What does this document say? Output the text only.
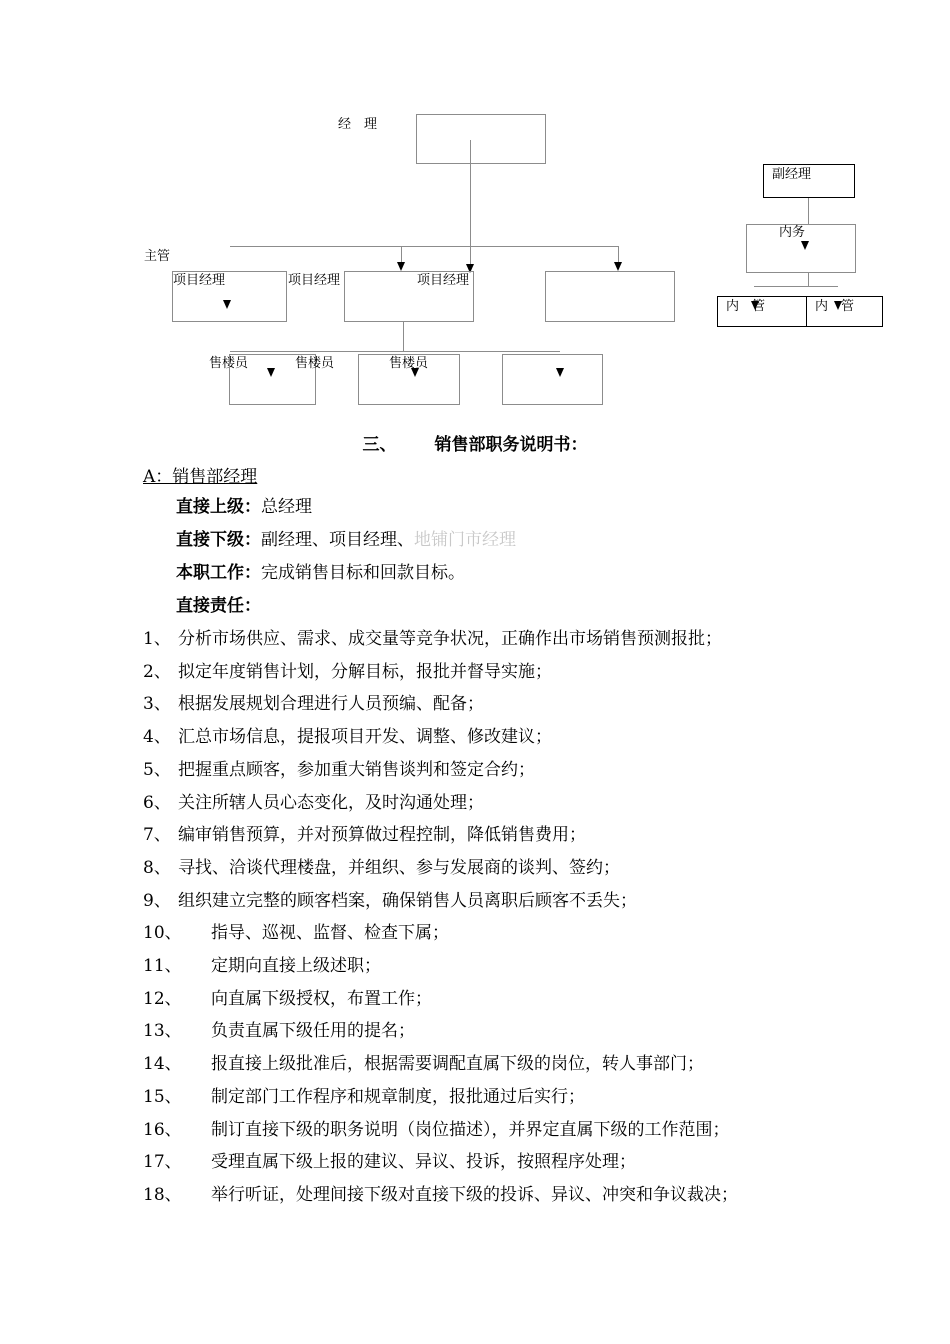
经　理
主管
项目经理	项目经理	项目经理
售楼员	售楼员	售楼员
副经理
内务
内　管	内　管
三、 销售部职务说明书：
A：销售部经理
直接上级：总经理
直接下级：副经理、项目经理、地铺门市经理
本职工作：完成销售目标和回款目标。
直接责任：
1、 分析市场供应、需求、成交量等竞争状况，正确作出市场销售预测报批；
2、 拟定年度销售计划，分解目标，报批并督导实施；
3、 根据发展规划合理进行人员预编、配备；
4、 汇总市场信息，提报项目开发、调整、修改建议；
5、 把握重点顾客，参加重大销售谈判和签定合约；
6、 关注所辖人员心态变化，及时沟通处理；
7、 编审销售预算，并对预算做过程控制，降低销售费用；
8、 寻找、洽谈代理楼盘，并组织、参与发展商的谈判、签约；
9、 组织建立完整的顾客档案，确保销售人员离职后顾客不丢失；
10、 指导、巡视、监督、检查下属；
11、 定期向直接上级述职；
12、 向直属下级授权，布置工作；
13、 负责直属下级任用的提名；
14、 报直接上级批准后，根据需要调配直属下级的岗位，转人事部门；
15、 制定部门工作程序和规章制度，报批通过后实行；
16、 制订直接下级的职务说明（岗位描述），并界定直属下级的工作范围；
17、 受理直属下级上报的建议、异议、投诉，按照程序处理；
18、 举行听证，处理间接下级对直接下级的投诉、异议、冲突和争议裁决；
